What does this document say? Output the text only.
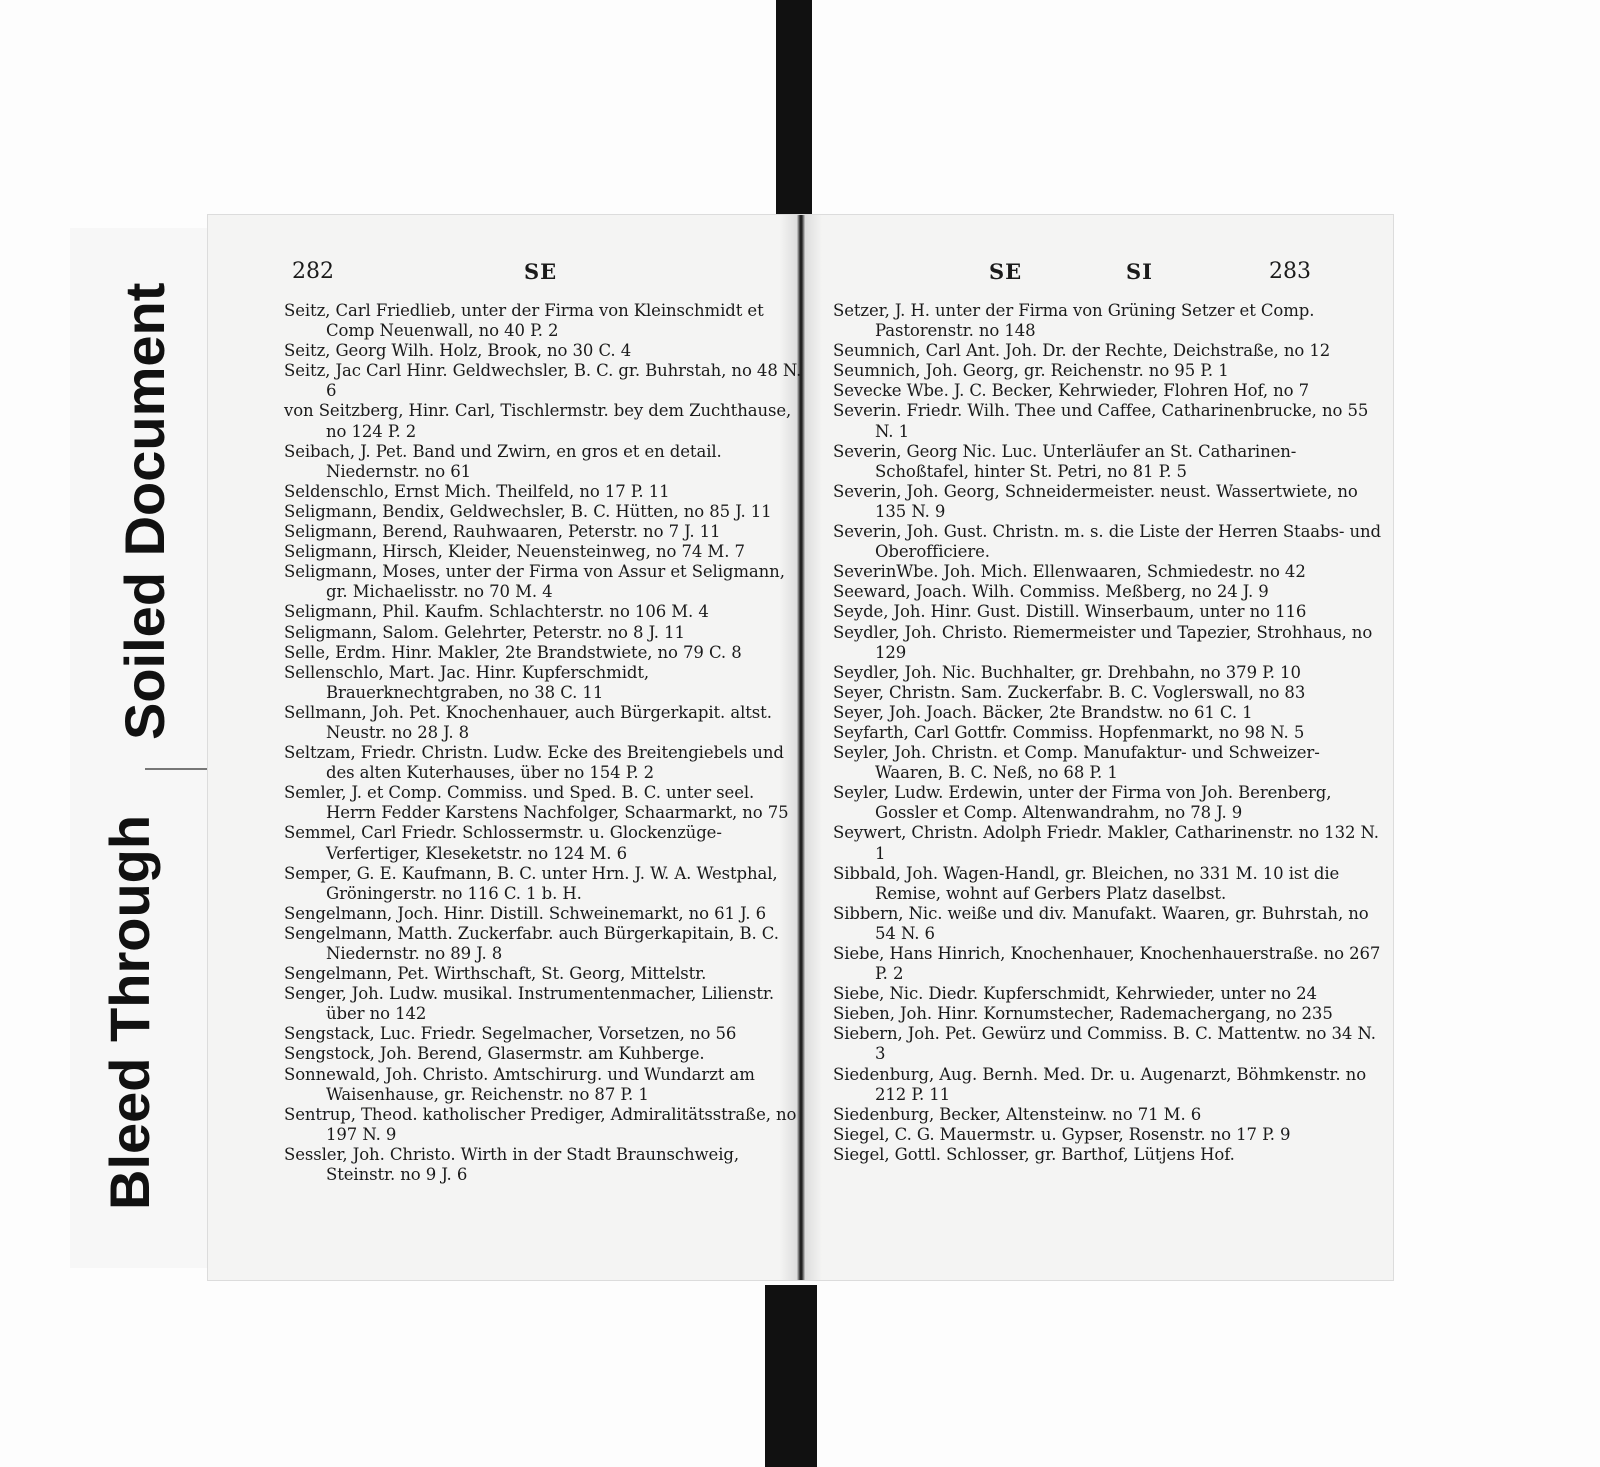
Bleed Through
Soiled Document
282	SE

Seitz, Carl Friedlieb, unter der Firma von Kleinschmidt et Comp Neuenwall, no 40 P. 2

Seitz, Georg Wilh. Holz, Brook, no 30 C. 4

Seitz, Jac Carl Hinr. Geldwechsler, B. C. gr. Buhrstah, no 48 N. 6

von Seitzberg, Hinr. Carl, Tischlermstr. bey dem Zuchthause, no 124 P. 2

Seibach, J. Pet. Band und Zwirn, en gros et en detail. Niedernstr. no 61

Seldenschlo, Ernst Mich. Theilfeld, no 17 P. 11

Seligmann, Bendix, Geldwechsler, B. C. Hütten, no 85 J. 11

Seligmann, Berend, Rauhwaaren, Peterstr. no 7 J. 11

Seligmann, Hirsch, Kleider, Neuensteinweg, no 74 M. 7

Seligmann, Moses, unter der Firma von Assur et Seligmann, gr. Michaelisstr. no 70 M. 4

Seligmann, Phil. Kaufm. Schlachterstr. no 106 M. 4

Seligmann, Salom. Gelehrter, Peterstr. no 8 J. 11

Selle, Erdm. Hinr. Makler, 2te Brandstwiete, no 79 C. 8

Sellenschlo, Mart. Jac. Hinr. Kupferschmidt, Brauerknechtgraben, no 38 C. 11

Sellmann, Joh. Pet. Knochenhauer, auch Bürgerkapit. altst. Neustr. no 28 J. 8

Seltzam, Friedr. Christn. Ludw. Ecke des Breitengiebels und des alten Kuterhauses, über no 154 P. 2

Semler, J. et Comp. Commiss. und Sped. B. C. unter seel. Herrn Fedder Karstens Nachfolger, Schaarmarkt, no 75

Semmel, Carl Friedr. Schlossermstr. u. Glockenzüge-Verfertiger, Kleseketstr. no 124 M. 6

Semper, G. E. Kaufmann, B. C. unter Hrn. J. W. A. Westphal, Gröningerstr. no 116 C. 1 b. H.

Sengelmann, Joch. Hinr. Distill. Schweinemarkt, no 61 J. 6

Sengelmann, Matth. Zuckerfabr. auch Bürgerkapitain, B. C. Niedernstr. no 89 J. 8

Sengelmann, Pet. Wirthschaft, St. Georg, Mittelstr.

Senger, Joh. Ludw. musikal. Instrumentenmacher, Lilienstr. über no 142

Sengstack, Luc. Friedr. Segelmacher, Vorsetzen, no 56

Sengstock, Joh. Berend, Glasermstr. am Kuhberge.

Sonnewald, Joh. Christo. Amtschirurg. und Wundarzt am Waisenhause, gr. Reichenstr. no 87 P. 1

Sentrup, Theod. katholischer Prediger, Admiralitätsstraße, no 197 N. 9

Sessler, Joh. Christo. Wirth in der Stadt Braunschweig, Steinstr. no 9 J. 6

SE	SI	283

Setzer, J. H. unter der Firma von Grüning Setzer et Comp. Pastorenstr. no 148

Seumnich, Carl Ant. Joh. Dr. der Rechte, Deichstraße, no 12

Seumnich, Joh. Georg, gr. Reichenstr. no 95 P. 1

Sevecke Wbe. J. C. Becker, Kehrwieder, Flohren Hof, no 7

Severin. Friedr. Wilh. Thee und Caffee, Catharinenbrucke, no 55 N. 1

Severin, Georg Nic. Luc. Unterläufer an St. Catharinen-Schoßtafel, hinter St. Petri, no 81 P. 5

Severin, Joh. Georg, Schneidermeister. neust. Wassertwiete, no 135 N. 9

Severin, Joh. Gust. Christn. m. s. die Liste der Herren Staabs- und Oberofficiere.

SeverinWbe. Joh. Mich. Ellenwaaren, Schmiedestr. no 42

Seeward, Joach. Wilh. Commiss. Meßberg, no 24 J. 9

Seyde, Joh. Hinr. Gust. Distill. Winserbaum, unter no 116

Seydler, Joh. Christo. Riemermeister und Tapezier, Strohhaus, no 129

Seydler, Joh. Nic. Buchhalter, gr. Drehbahn, no 379 P. 10

Seyer, Christn. Sam. Zuckerfabr. B. C. Voglerswall, no 83

Seyer, Joh. Joach. Bäcker, 2te Brandstw. no 61 C. 1

Seyfarth, Carl Gottfr. Commiss. Hopfenmarkt, no 98 N. 5

Seyler, Joh. Christn. et Comp. Manufaktur- und Schweizer-Waaren, B. C. Neß, no 68 P. 1

Seyler, Ludw. Erdewin, unter der Firma von Joh. Berenberg, Gossler et Comp. Altenwandrahm, no 78 J. 9

Seywert, Christn. Adolph Friedr. Makler, Catharinenstr. no 132 N. 1

Sibbald, Joh. Wagen-Handl, gr. Bleichen, no 331 M. 10 ist die Remise, wohnt auf Gerbers Platz daselbst.

Sibbern, Nic. weiße und div. Manufakt. Waaren, gr. Buhrstah, no 54 N. 6

Siebe, Hans Hinrich, Knochenhauer, Knochenhauerstraße. no 267 P. 2

Siebe, Nic. Diedr. Kupferschmidt, Kehrwieder, unter no 24

Sieben, Joh. Hinr. Kornumstecher, Rademachergang, no 235

Siebern, Joh. Pet. Gewürz und Commiss. B. C. Mattentw. no 34 N. 3

Siedenburg, Aug. Bernh. Med. Dr. u. Augenarzt, Böhmkenstr. no 212 P. 11

Siedenburg, Becker, Altensteinw. no 71 M. 6

Siegel, C. G. Mauermstr. u. Gypser, Rosenstr. no 17 P. 9

Siegel, Gottl. Schlosser, gr. Barthof, Lütjens Hof.
